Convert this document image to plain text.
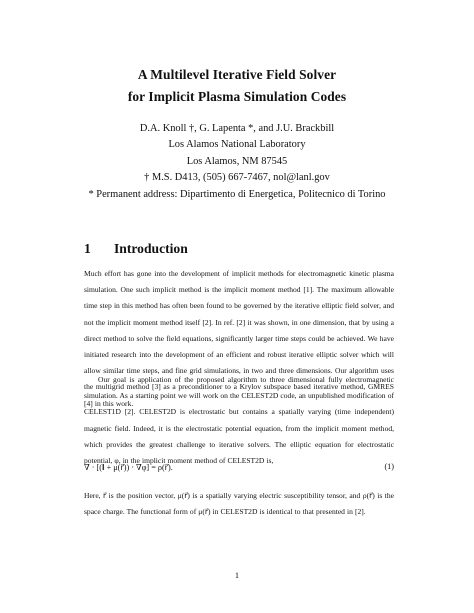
A Multilevel Iterative Field Solver
for Implicit Plasma Simulation Codes
D.A. Knoll †, G. Lapenta *, and J.U. Brackbill
Los Alamos National Laboratory
Los Alamos, NM 87545
† M.S. D413, (505) 667-7467, nol@lanl.gov
* Permanent address: Dipartimento di Energetica, Politecnico di Torino
1 Introduction

Much effort has gone into the development of implicit methods for electromagnetic kinetic plasma simulation. One such implicit method is the implicit moment method [1]. The maximum allowable time step in this method has often been found to be governed by the iterative elliptic field solver, and not the implicit moment method itself [2]. In ref. [2] it was shown, in one dimension, that by using a direct method to solve the field equations, significantly larger time steps could be achieved. We have initiated research into the development of an efficient and robust iterative elliptic solver which will allow similar time steps, and fine grid simulations, in two and three dimensions. Our algorithm uses the multigrid method [3] as a preconditioner to a Krylov subspace based iterative method, GMRES [4] in this work.

Our goal is application of the proposed algorithm to three dimensional fully electromagnetic simulation. As a starting point we will work on the CELEST2D code, an unpublished modification of CELEST1D [2]. CELEST2D is electrostatic but contains a spatially varying (time independent) magnetic field. Indeed, it is the electrostatic potential equation, from the implicit moment method, which provides the greatest challenge to iterative solvers. The elliptic equation for electrostatic potential, φ, in the implicit moment method of CELEST2D is,

∇ · [(𝐈 + μ(r⃗)) · ∇φ] = ρ(r⃗).	(1)

Here, r⃗ is the position vector, μ(r⃗) is a spatially varying electric susceptibility tensor, and ρ(r⃗) is the space charge. The functional form of μ(r⃗) in CELEST2D is identical to that presented in [2].

1
